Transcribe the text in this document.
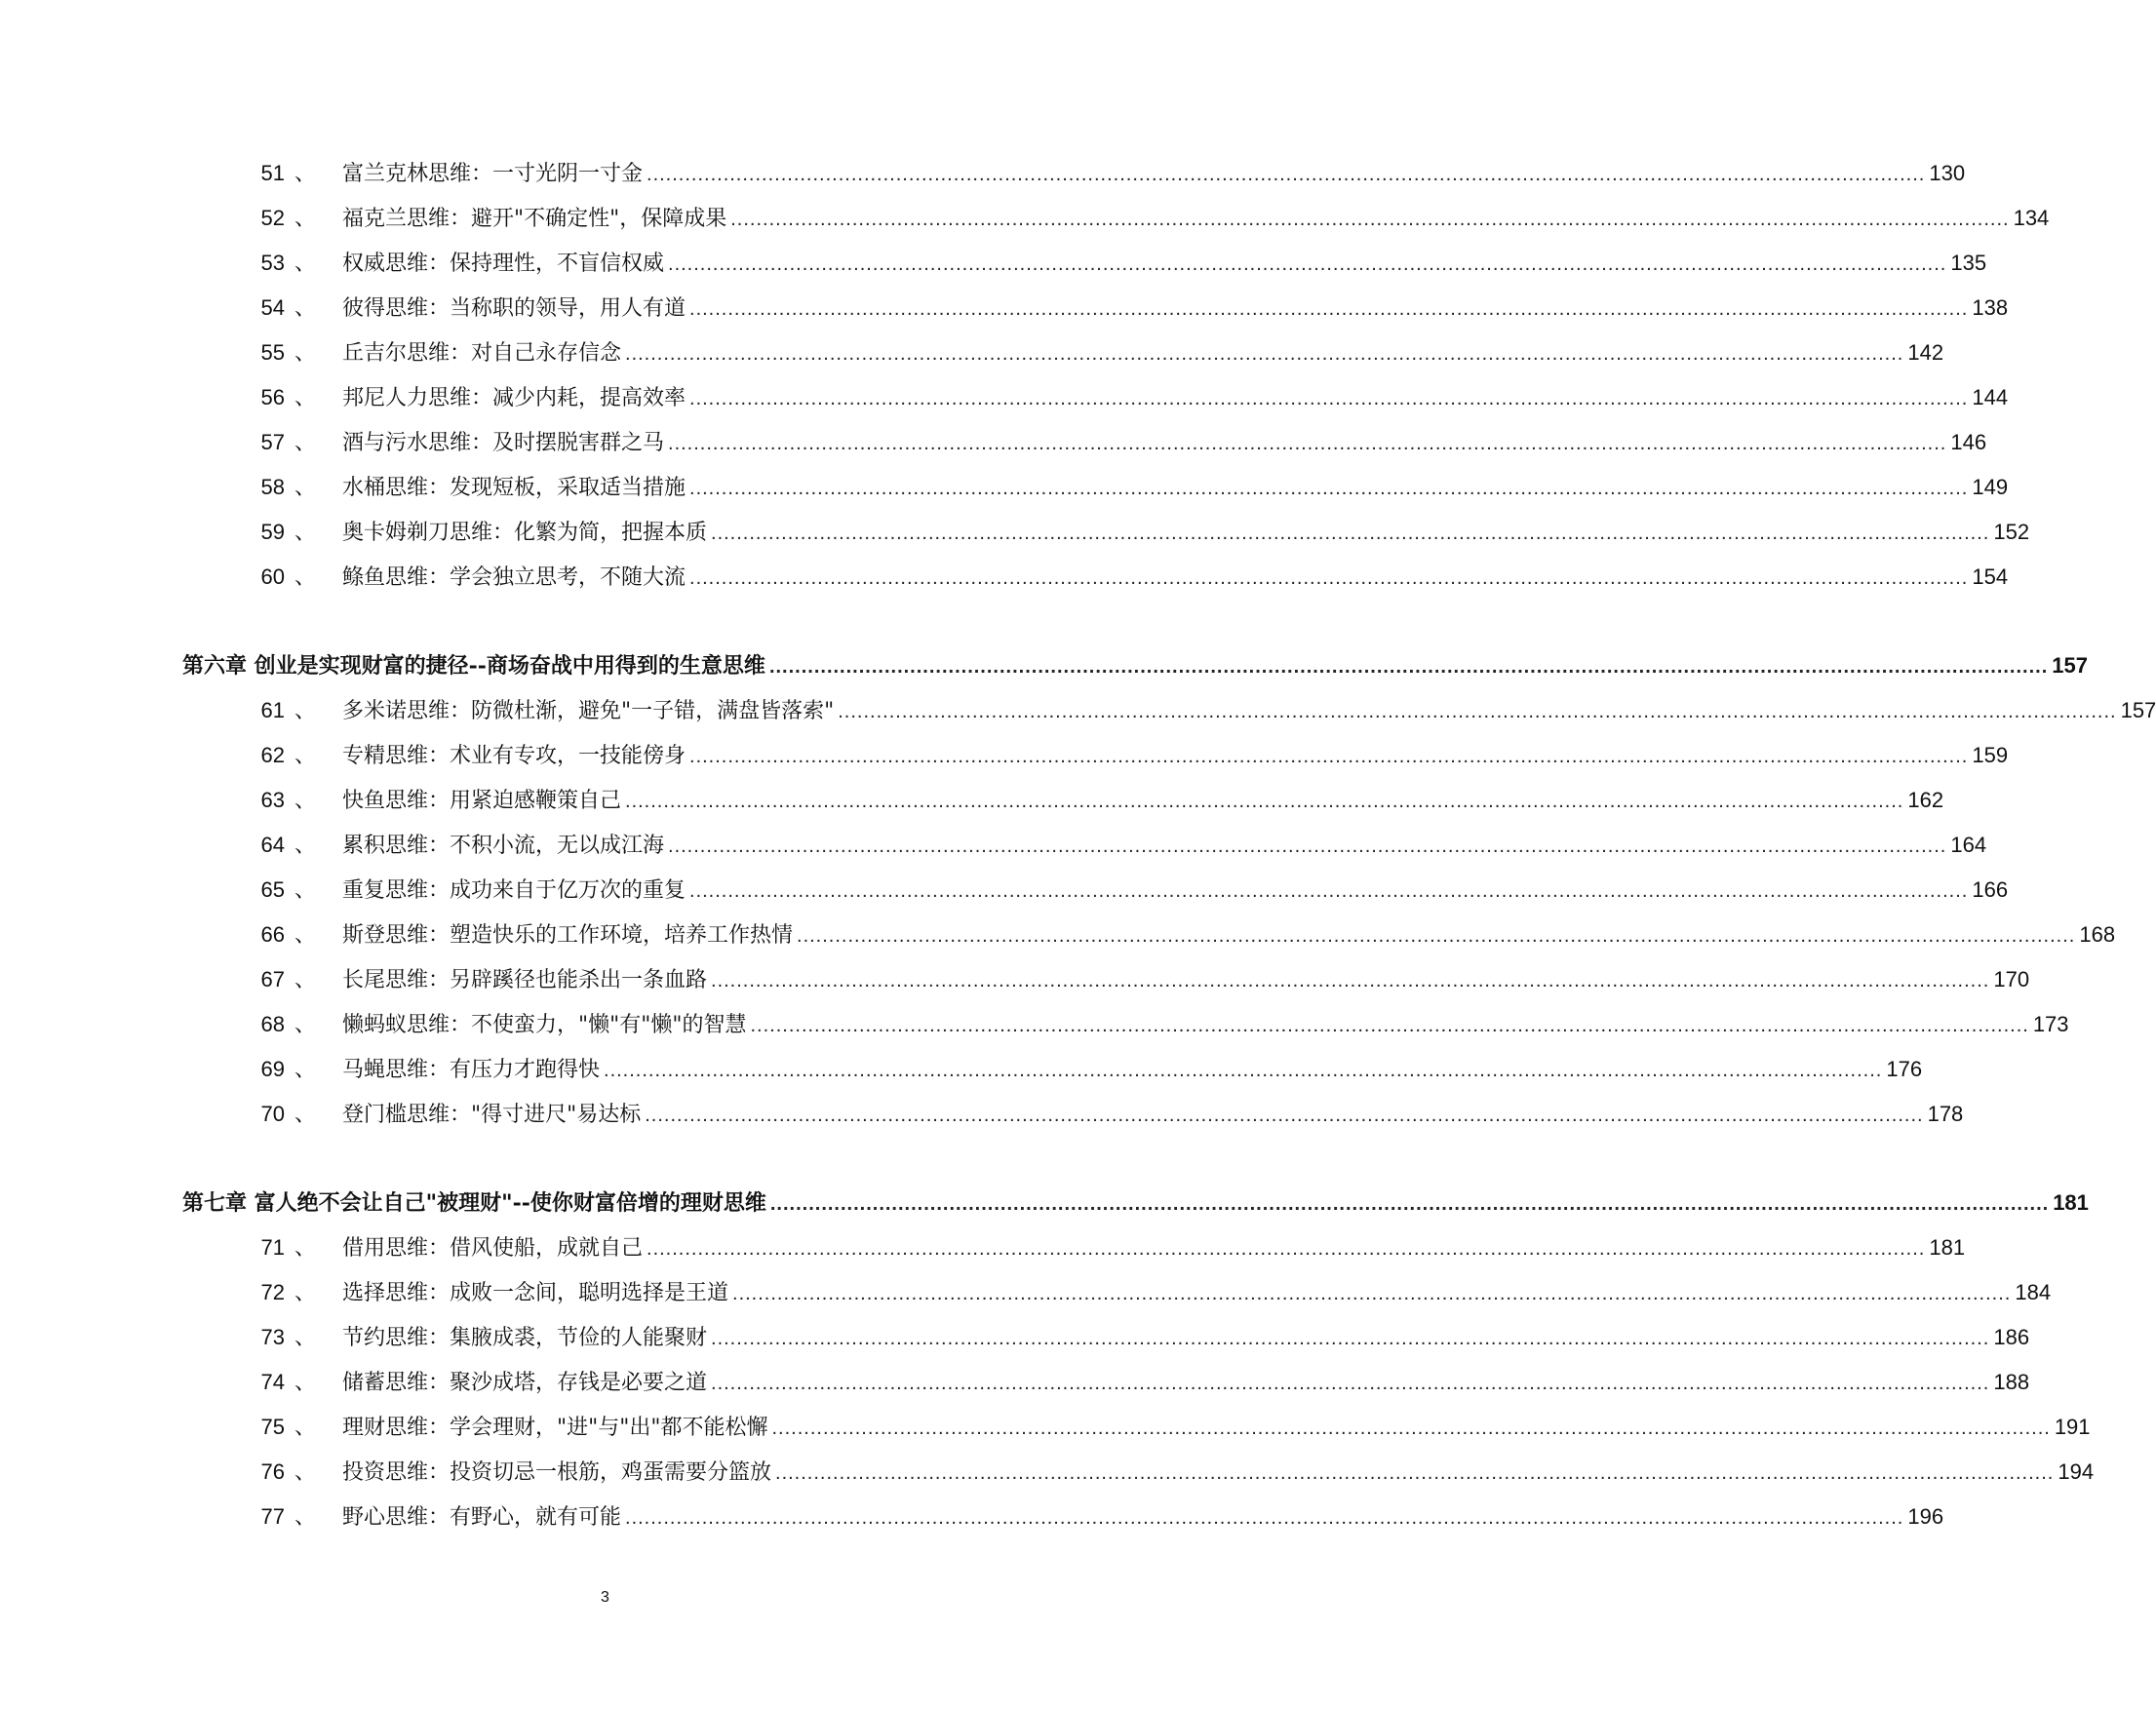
51 、	富兰克林思维：一寸光阴一寸金 .....	130
52 、	福克兰思维：避开"不确定性"，保障成果 .....	134
53 、	权威思维：保持理性，不盲信权威 .....	135
54 、	彼得思维：当称职的领导，用人有道 .....	138
55 、	丘吉尔思维：对自己永存信念 .....	142
56 、	邦尼人力思维：减少内耗，提高效率 .....	144
57 、	酒与污水思维：及时摆脱害群之马 .....	146
58 、	水桶思维：发现短板，采取适当措施 .....	149
59 、	奥卡姆剃刀思维：化繁为简，把握本质 .....	152
60 、	鲦鱼思维：学会独立思考，不随大流 .....	154
第六章 创业是实现财富的捷径--商场奋战中用得到的生意思维 .....	157
61 、	多米诺思维：防微杜渐，避免"一子错，满盘皆落索" .....	157
62 、	专精思维：术业有专攻，一技能傍身 .....	159
63 、	快鱼思维：用紧迫感鞭策自己 .....	162
64 、	累积思维：不积小流，无以成江海 .....	164
65 、	重复思维：成功来自于亿万次的重复 .....	166
66 、	斯登思维：塑造快乐的工作环境，培养工作热情 .....	168
67 、	长尾思维：另辟蹊径也能杀出一条血路 .....	170
68 、	懒蚂蚁思维：不使蛮力，"懒"有"懒"的智慧 .....	173
69 、	马蝇思维：有压力才跑得快 .....	176
70 、	登门槛思维："得寸进尺"易达标 .....	178
第七章 富人绝不会让自己"被理财"--使你财富倍增的理财思维 .....	181
71 、	借用思维：借风使船，成就自己 .....	181
72 、	选择思维：成败一念间，聪明选择是王道 .....	184
73 、	节约思维：集腋成裘，节俭的人能聚财 .....	186
74 、	储蓄思维：聚沙成塔，存钱是必要之道 .....	188
75 、	理财思维：学会理财，"进"与"出"都不能松懈 .....	191
76 、	投资思维：投资切忌一根筋，鸡蛋需要分篮放 .....	194
77 、	野心思维：有野心，就有可能 .....	196
3
